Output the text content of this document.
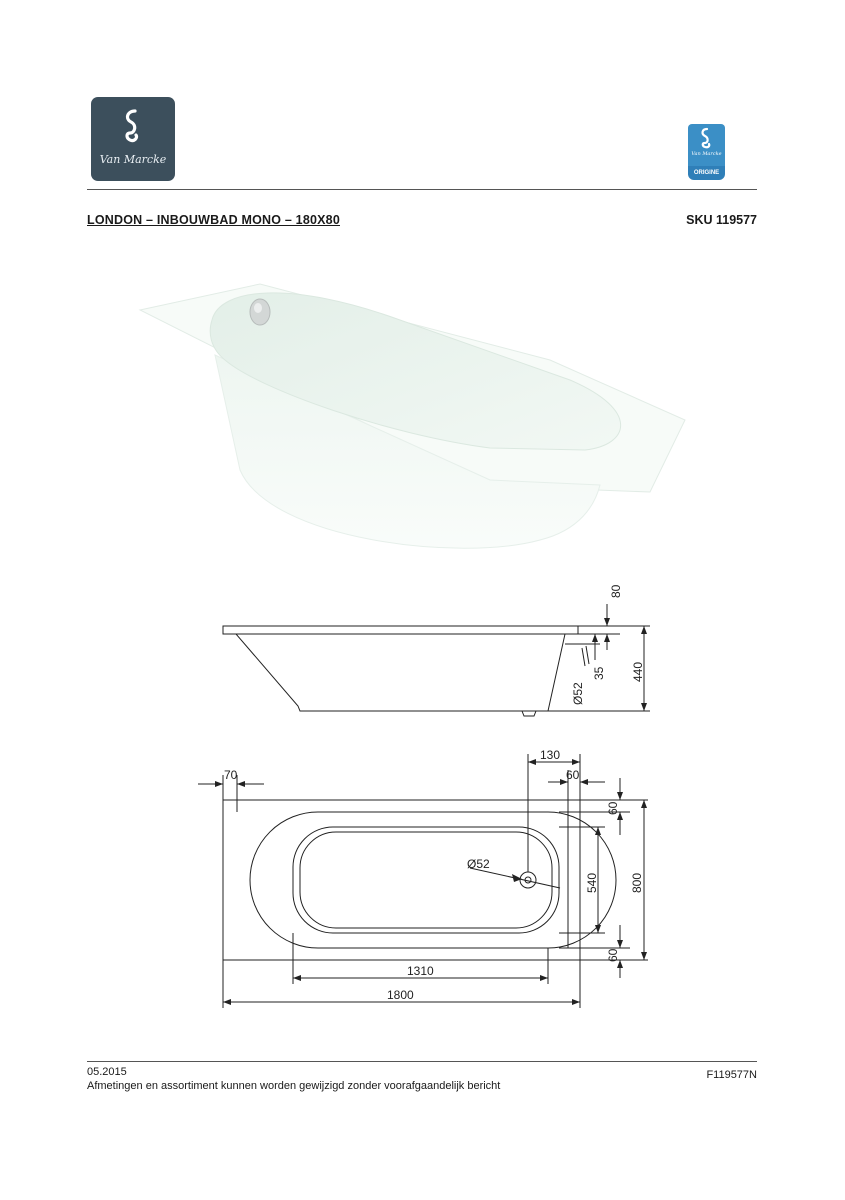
Van Marcke	Van Marcke
ORIGINE
LONDON – INBOUWBAD MONO – 180X80	SKU 119577
80
35 440
Ø52
70
130
60
60
540	800
60
Ø52
1310
1800
05.2015
Afmetingen en assortiment kunnen worden gewijzigd zonder voorafgaandelijk bericht
F119577N
